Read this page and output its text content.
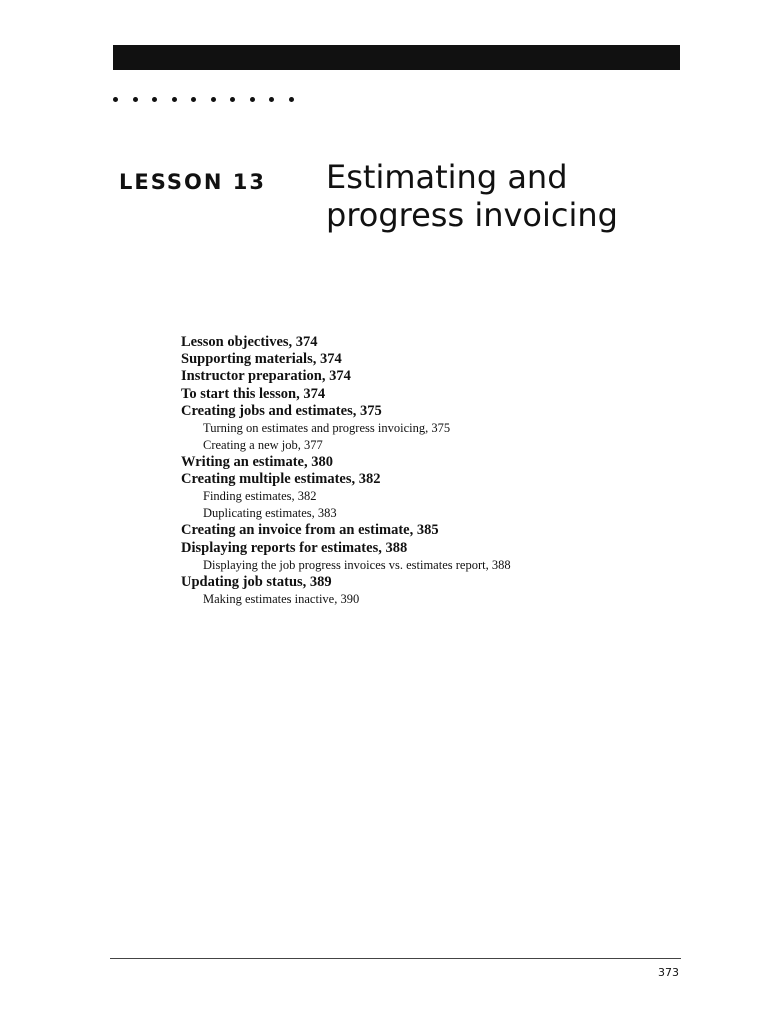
LESSON 13 Estimating and
progress invoicing
Lesson objectives, 374
Supporting materials, 374
Instructor preparation, 374
To start this lesson, 374
Creating jobs and estimates, 375
Turning on estimates and progress invoicing, 375
Creating a new job, 377
Writing an estimate, 380
Creating multiple estimates, 382
Finding estimates, 382
Duplicating estimates, 383
Creating an invoice from an estimate, 385
Displaying reports for estimates, 388
Displaying the job progress invoices vs. estimates report, 388
Updating job status, 389
Making estimates inactive, 390
373
